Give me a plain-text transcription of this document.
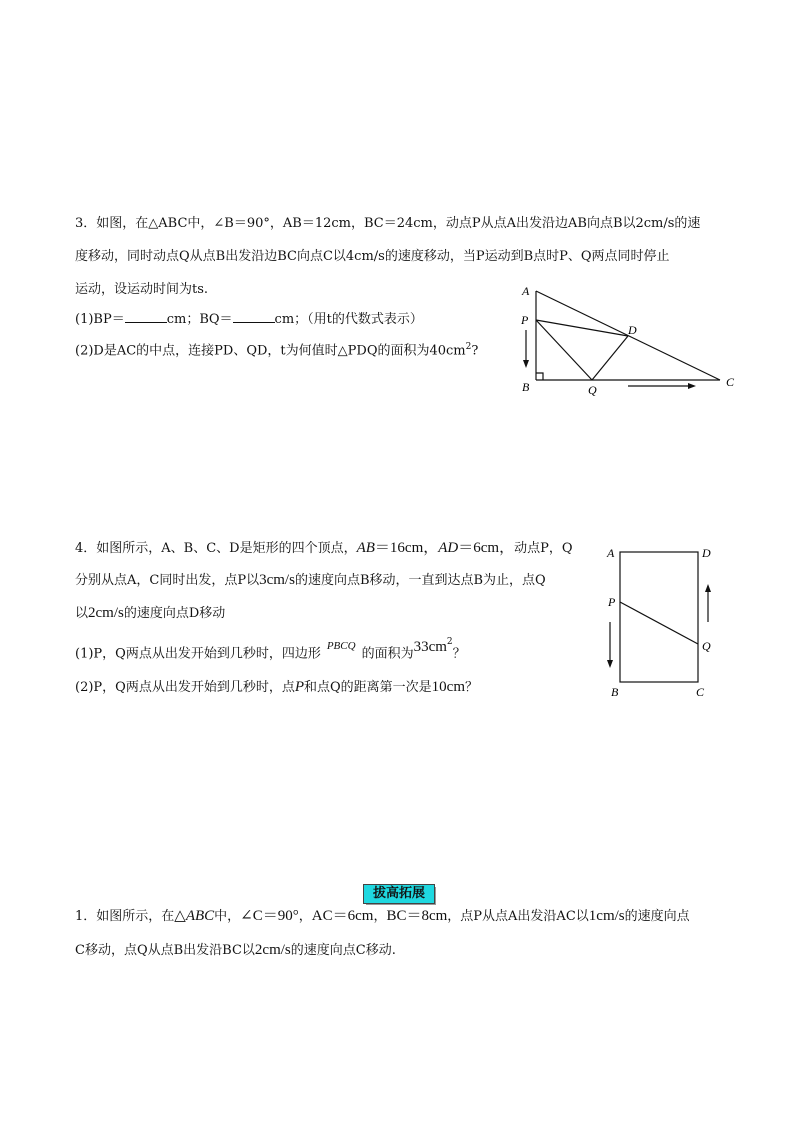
3．如图，在△ABC中，∠B＝90°，AB＝12cm，BC＝24cm，动点P从点A出发沿边AB向点B以2cm/s的速
度移动，同时动点Q从点B出发沿边BC向点C以4cm/s的速度移动，当P运动到B点时P、Q两点同时停止
运动，设运动时间为ts.
(1)BP＝	cm；BQ＝	cm；（用t的代数式表示）
(2)D是AC的中点，连接PD、QD，t为何值时△PDQ的面积为$40cm^2$?
A
P
B	Q
C
D
4．如图所示，A、B、C、D是矩形的四个顶点，AB＝16cm，AD＝6cm，动点P，Q
分别从点A，C同时出发，点P以3cm/s的速度向点B移动，一直到达点B为止，点Q
以2cm/s的速度向点D移动
(1)P，Q两点从出发开始到几秒时，四边形 $^{PBCQ}$ 的面积为$33cm^2$？
(2)P，Q两点从出发开始到几秒时，点P和点Q的距离第一次是10cm？
A	D
P
Q
B	C
拔高拓展
1．如图所示，在△ABC中，∠C＝90°，AC＝6cm，BC＝8cm，点P从点A出发沿AC以1cm/s的速度向点
C移动，点Q从点B出发沿BC以2cm/s的速度向点C移动.
